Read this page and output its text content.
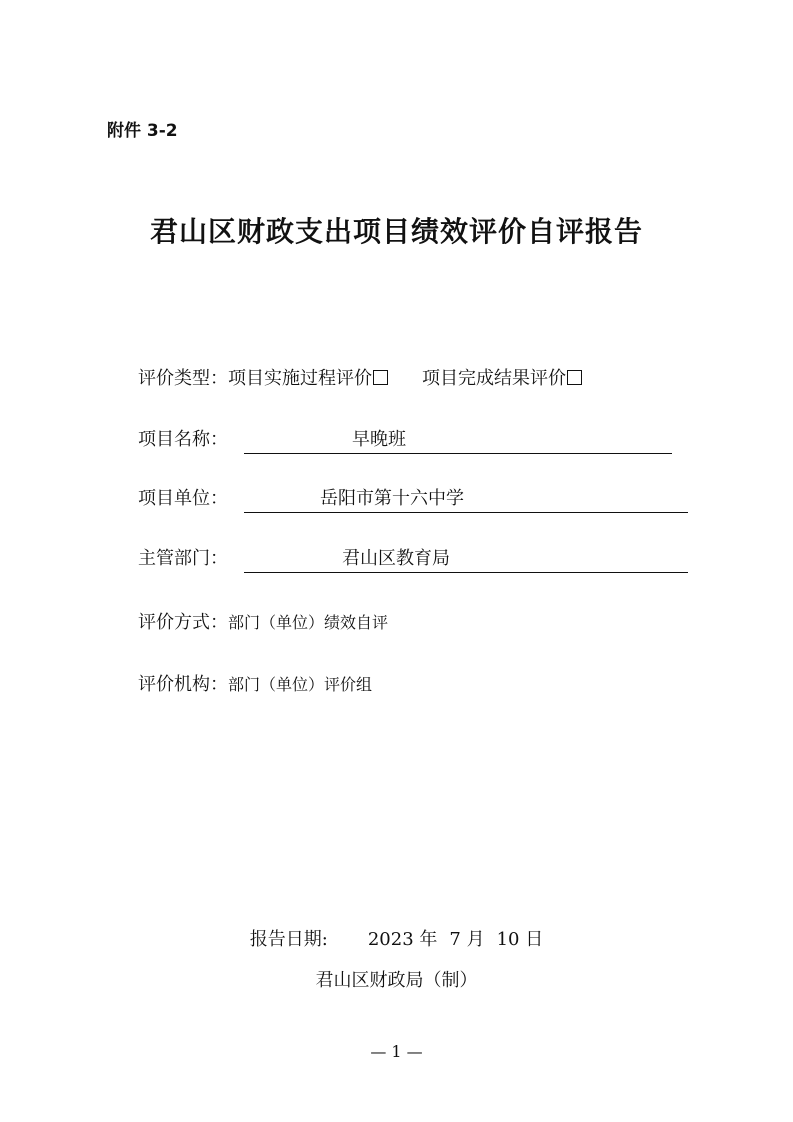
附件 3-2
君山区财政支出项目绩效评价自评报告
评价类型：项目实施过程评价	项目完成结果评价
项目名称：	早晚班
项目单位：	岳阳市第十六中学
主管部门：	君山区教育局
评价方式：部门（单位）绩效自评
评价机构：部门（单位）评价组
报告日期: 2023 年 7 月 10 日
君山区财政局（制）
— 1 —
